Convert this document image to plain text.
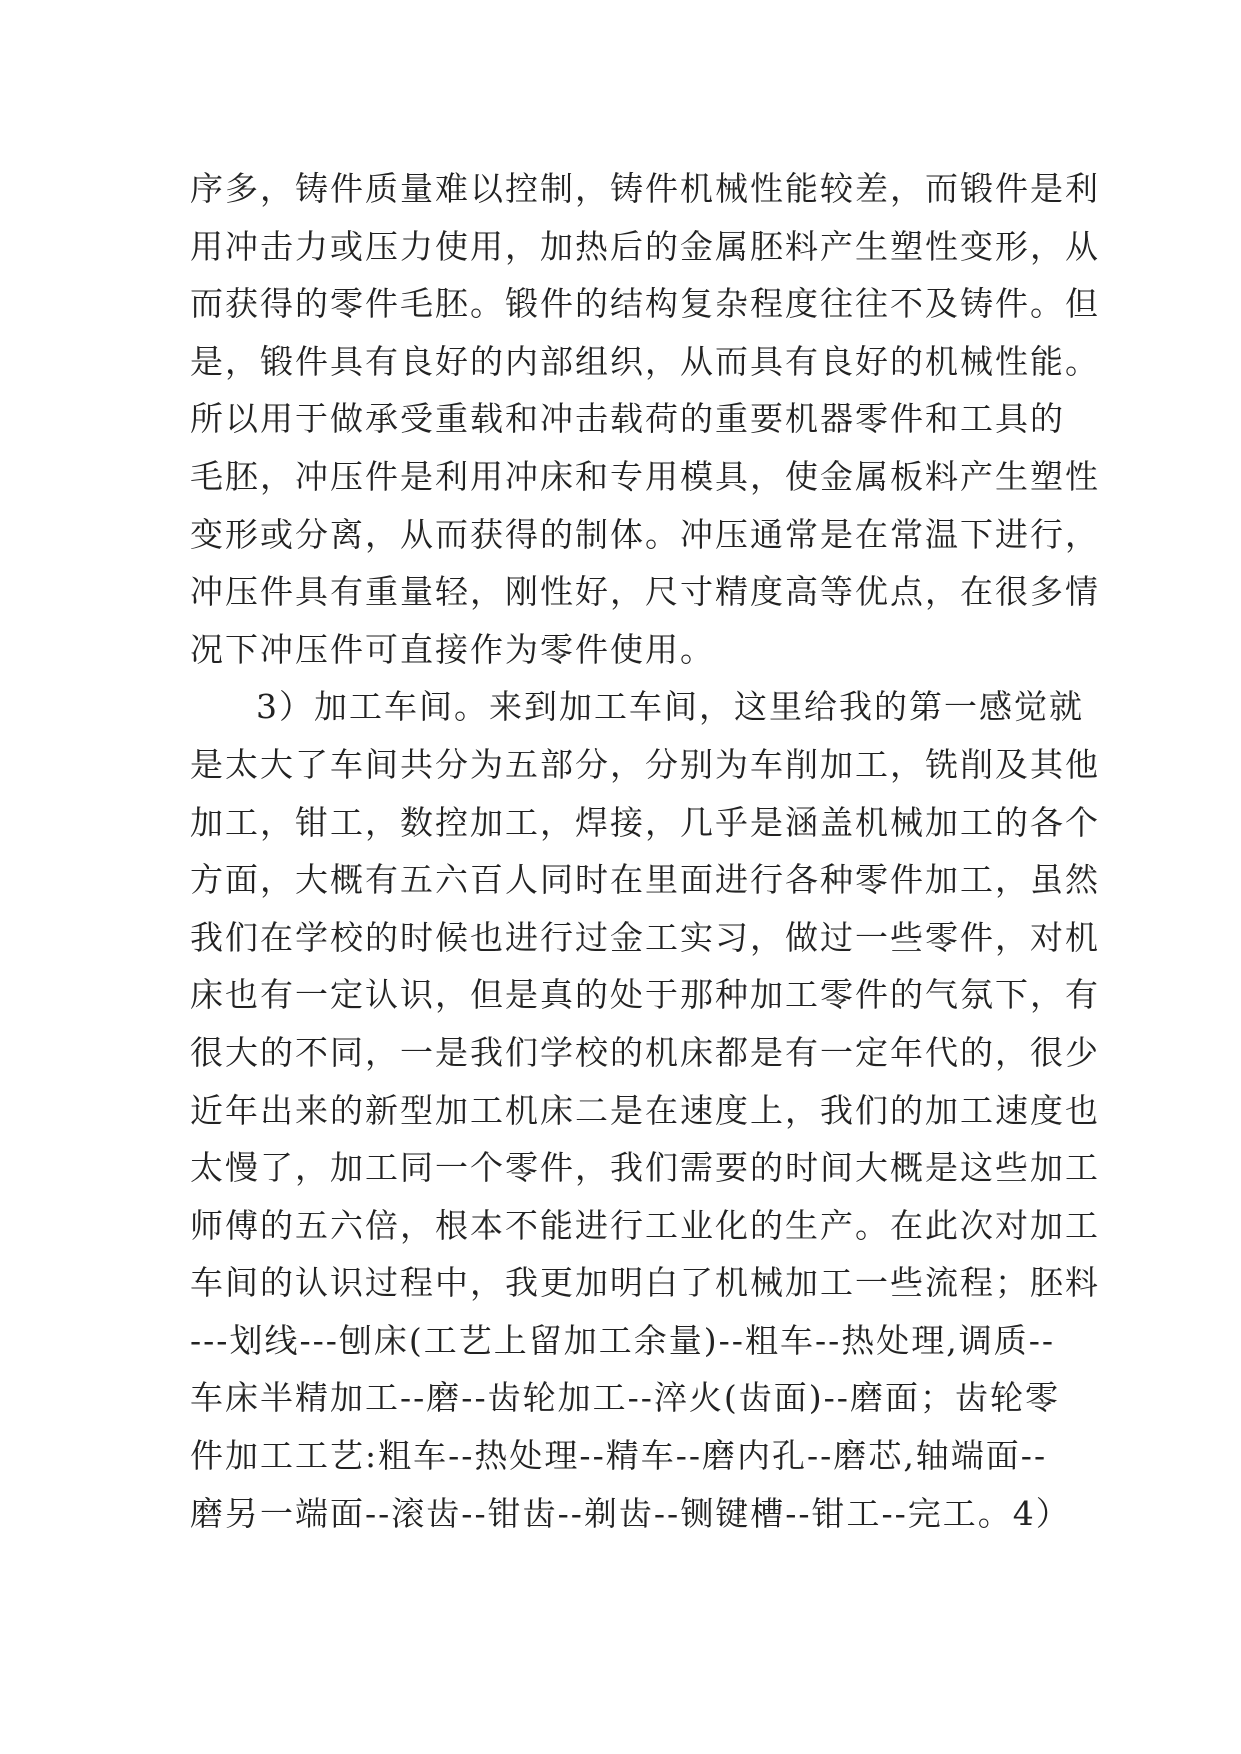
序多，铸件质量难以控制，铸件机械性能较差，而锻件是利
用冲击力或压力使用，加热后的金属胚料产生塑性变形，从
而获得的零件毛胚。锻件的结构复杂程度往往不及铸件。但
是，锻件具有良好的内部组织，从而具有良好的机械性能。
所以用于做承受重载和冲击载荷的重要机器零件和工具的
毛胚，冲压件是利用冲床和专用模具，使金属板料产生塑性
变形或分离，从而获得的制体。冲压通常是在常温下进行，
冲压件具有重量轻，刚性好，尺寸精度高等优点，在很多情
况下冲压件可直接作为零件使用。
3）加工车间。来到加工车间，这里给我的第一感觉就
是太大了车间共分为五部分，分别为车削加工，铣削及其他
加工，钳工，数控加工，焊接，几乎是涵盖机械加工的各个
方面，大概有五六百人同时在里面进行各种零件加工，虽然
我们在学校的时候也进行过金工实习，做过一些零件，对机
床也有一定认识，但是真的处于那种加工零件的气氛下，有
很大的不同，一是我们学校的机床都是有一定年代的，很少
近年出来的新型加工机床二是在速度上，我们的加工速度也
太慢了，加工同一个零件，我们需要的时间大概是这些加工
师傅的五六倍，根本不能进行工业化的生产。在此次对加工
车间的认识过程中，我更加明白了机械加工一些流程；胚料
---划线---刨床(工艺上留加工余量)--粗车--热处理,调质--
车床半精加工--磨--齿轮加工--淬火(齿面)--磨面；齿轮零
件加工工艺:粗车--热处理--精车--磨内孔--磨芯,轴端面--
磨另一端面--滚齿--钳齿--剃齿--铡键槽--钳工--完工。4）
